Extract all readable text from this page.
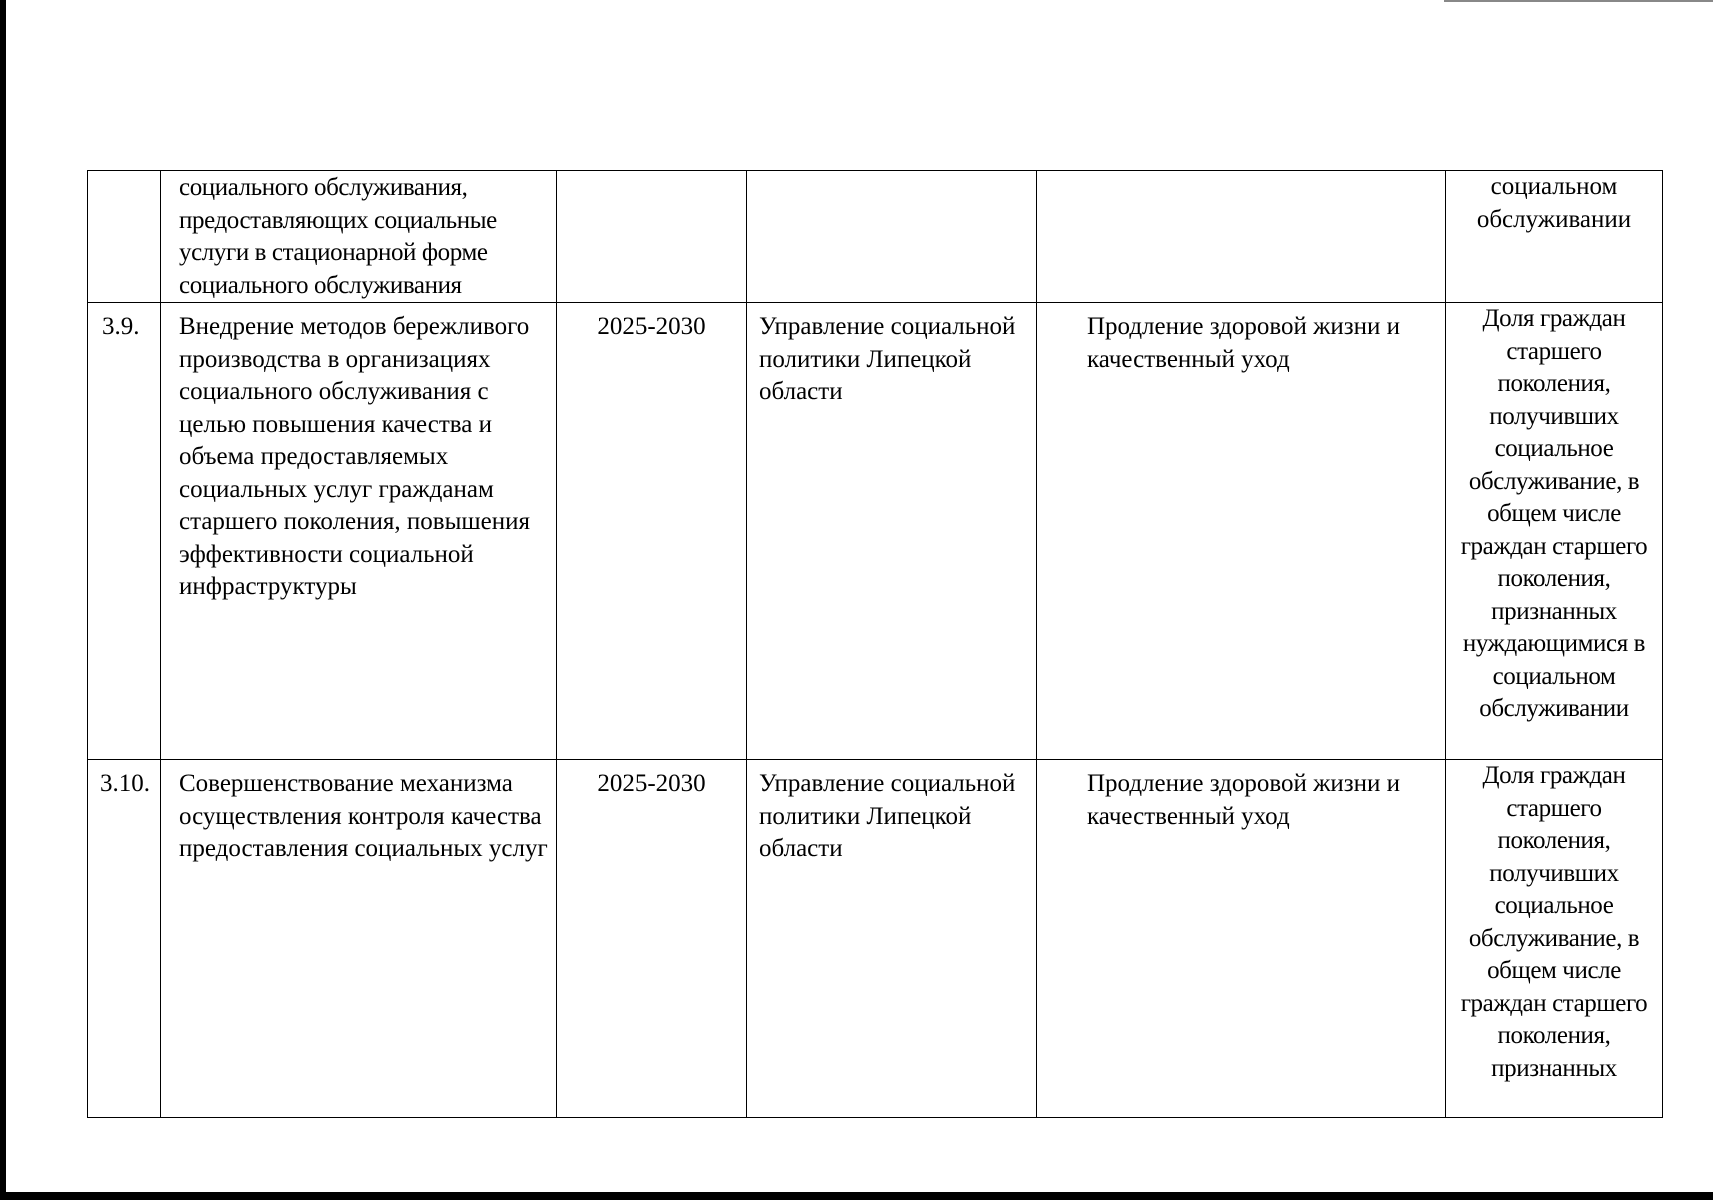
	социального обслуживания, предоставляющих социальные услуги в стационарной форме социального обслуживания				социальном обслуживании
3.9.	Внедрение методов бережливого производства в организациях социального обслуживания с целью повышения качества и объема предоставляемых социальных услуг гражданам старшего поколения, повышения эффективности социальной инфраструктуры	2025-2030	Управление социальной политики Липецкой области	Продление здоровой жизни и качественный уход	Доля граждан старшего поколения, получивших социальное обслуживание, в общем числе граждан старшего поколения, признанных нуждающимися в социальном обслуживании
3.10.	Совершенствование механизма осуществления контроля качества предоставления социальных услуг	2025-2030	Управление социальной политики Липецкой области	Продление здоровой жизни и качественный уход	Доля граждан старшего поколения, получивших социальное обслуживание, в общем числе граждан старшего поколения, признанных
